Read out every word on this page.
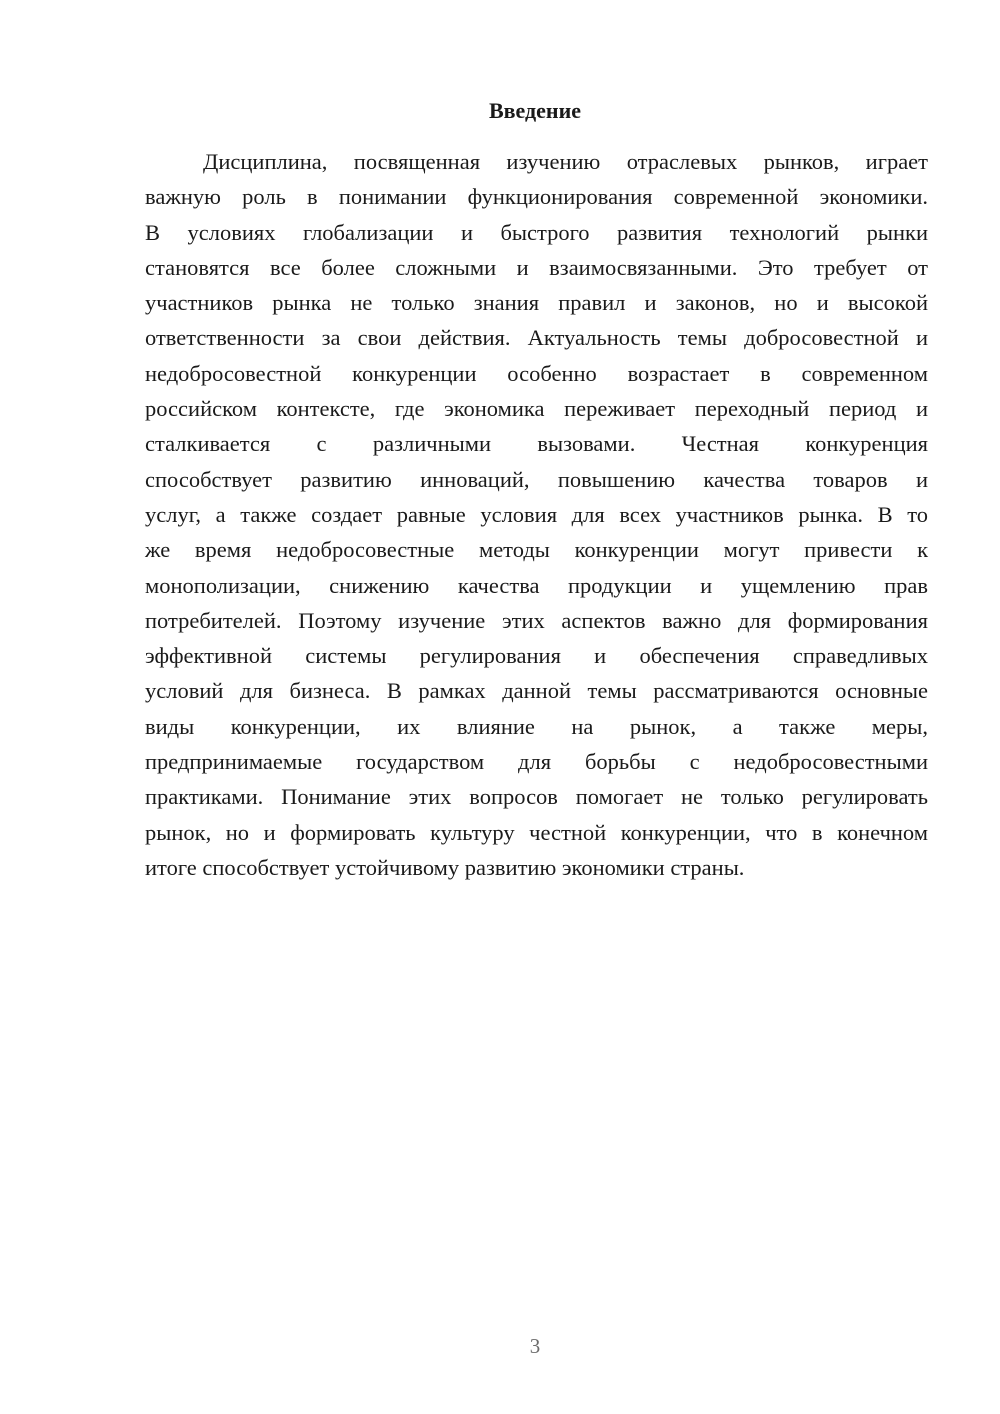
Введение
Дисциплина, посвященная изучению отраслевых рынков, играет
важную роль в понимании функционирования современной экономики.
В условиях глобализации и быстрого развития технологий рынки
становятся все более сложными и взаимосвязанными. Это требует от
участников рынка не только знания правил и законов, но и высокой
ответственности за свои действия. Актуальность темы добросовестной и
недобросовестной конкуренции особенно возрастает в современном
российском контексте, где экономика переживает переходный период и
сталкивается с различными вызовами. Честная конкуренция
способствует развитию инноваций, повышению качества товаров и
услуг, а также создает равные условия для всех участников рынка. В то
же время недобросовестные методы конкуренции могут привести к
монополизации, снижению качества продукции и ущемлению прав
потребителей. Поэтому изучение этих аспектов важно для формирования
эффективной системы регулирования и обеспечения справедливых
условий для бизнеса. В рамках данной темы рассматриваются основные
виды конкуренции, их влияние на рынок, а также меры,
предпринимаемые государством для борьбы с недобросовестными
практиками. Понимание этих вопросов помогает не только регулировать
рынок, но и формировать культуру честной конкуренции, что в конечном
итоге способствует устойчивому развитию экономики страны.
3
